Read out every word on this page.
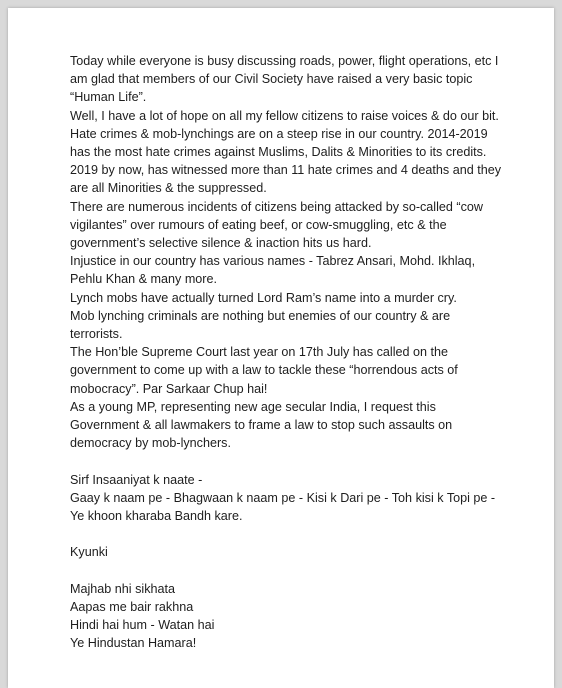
Today while everyone is busy discussing roads, power, flight operations, etc I am glad that members of our Civil Society have raised a very basic topic “Human Life”.

Well, I have a lot of hope on all my fellow citizens to raise voices & do our bit.

Hate crimes & mob-lynchings are on a steep rise in our country. 2014-2019 has the most hate crimes against Muslims, Dalits & Minorities to its credits.

2019 by now, has witnessed more than 11 hate crimes and 4 deaths and they are all Minorities & the suppressed.

There are numerous incidents of citizens being attacked by so-called “cow vigilantes” over rumours of eating beef, or cow-smuggling, etc & the government’s selective silence & inaction hits us hard.

Injustice in our country has various names - Tabrez Ansari, Mohd. Ikhlaq, Pehlu Khan & many more.

Lynch mobs have actually turned Lord Ram’s name into a murder cry.

Mob lynching criminals are nothing but enemies of our country & are terrorists.

The Hon’ble Supreme Court last year on 17th July has called on the government to come up with a law to tackle these “horrendous acts of mobocracy”. Par Sarkaar Chup hai!

As a young MP, representing new age secular India, I request this Government & all lawmakers to frame a law to stop such assaults on democracy by mob-lynchers.

Sirf Insaaniyat k naate -

Gaay k naam pe - Bhagwaan k naam pe - Kisi k Dari pe - Toh kisi k Topi pe -

Ye khoon kharaba Bandh kare.

Kyunki

Majhab nhi sikhata

Aapas me bair rakhna

Hindi hai hum - Watan hai

Ye Hindustan Hamara!
